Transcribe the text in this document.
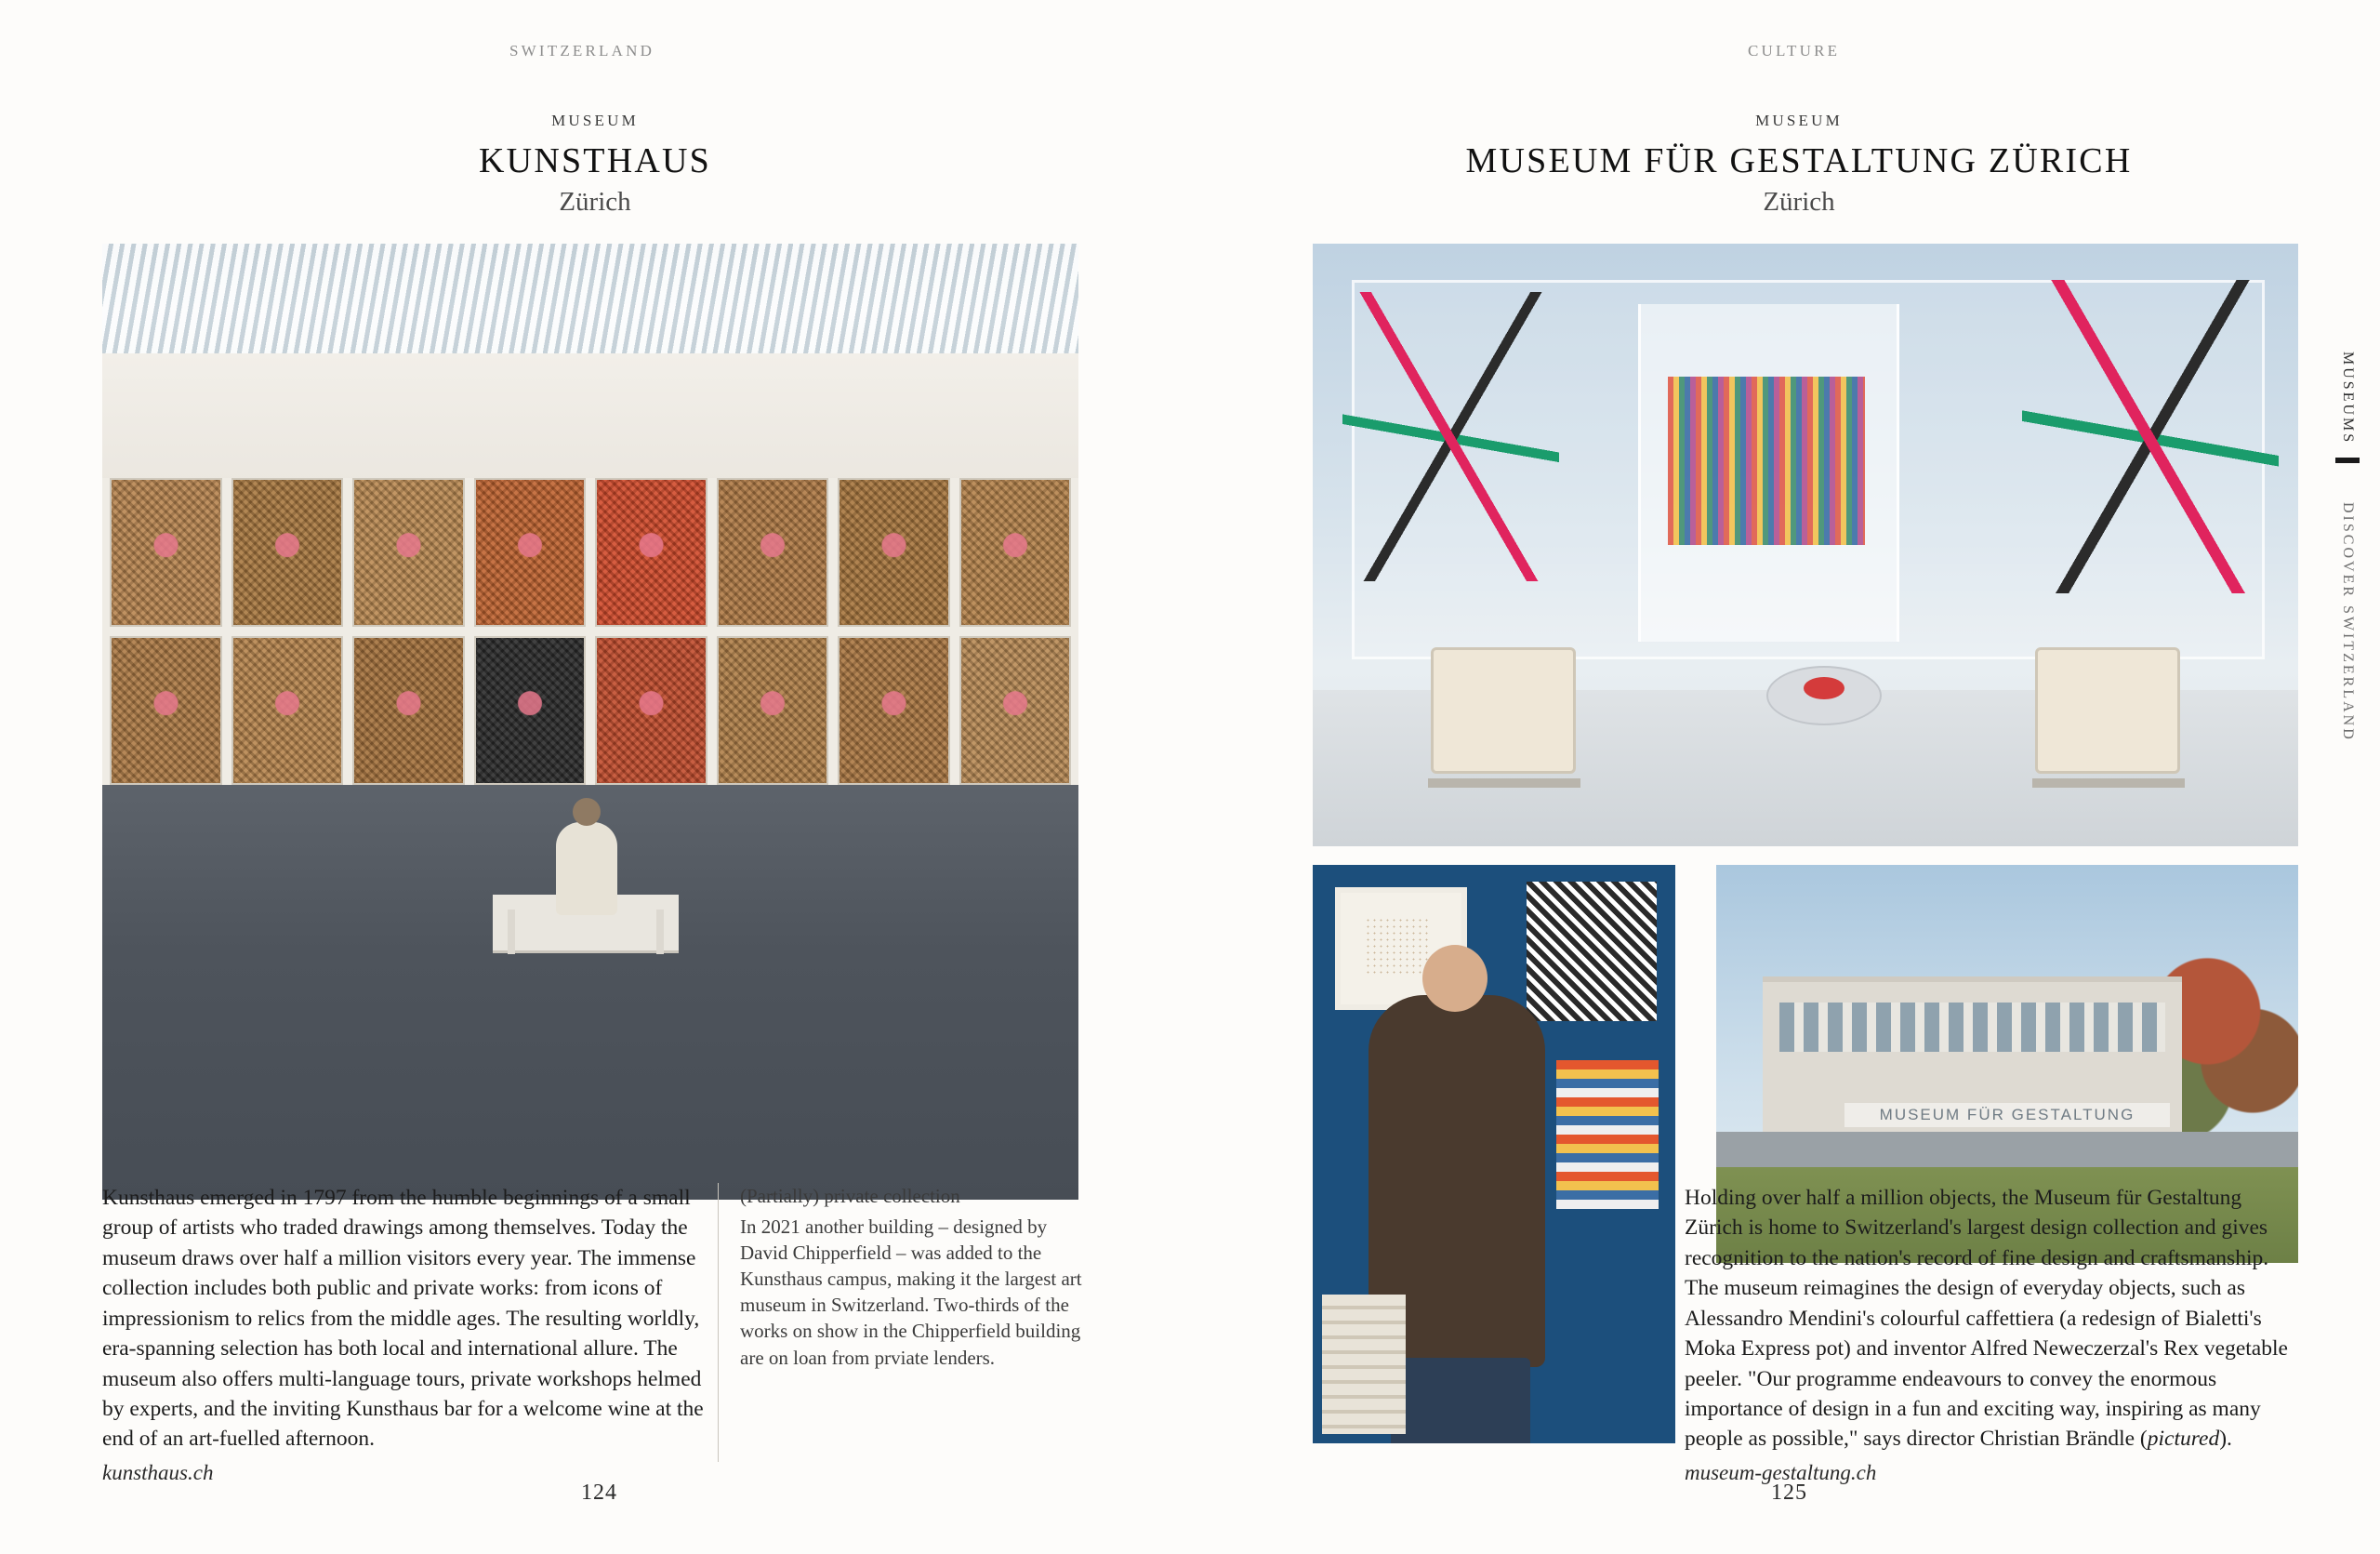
SWITZERLAND
MUSEUM
KUNSTHAUS
Zürich
Kunsthaus emerged in 1797 from the humble beginnings of a small group of artists who traded drawings among themselves. Today the museum draws over half a million visitors every year. The immense collection includes both public and private works: from icons of impressionism to relics from the middle ages. The resulting worldly, era-spanning selection has both local and international allure. The museum also offers multi-language tours, private workshops helmed by experts, and the inviting Kunsthaus bar for a welcome wine at the end of an art-fuelled afternoon.
kunsthaus.ch
(Partially) private collection
In 2021 another building – designed by David Chipperfield – was added to the Kunsthaus campus, making it the largest art museum in Switzerland. Two-thirds of the works on show in the Chipperfield building are on loan from prviate lenders.
124
CULTURE
MUSEUM
MUSEUM FÜR GESTALTUNG ZÜRICH
Zürich
MUSEUM FÜR GESTALTUNG
Holding over half a million objects, the Museum für Gestaltung Zürich is home to Switzerland's largest design collection and gives recognition to the nation's record of fine design and craftsmanship. The museum reimagines the design of everyday objects, such as Alessandro Mendini's colourful caffettiera (a redesign of Bialetti's Moka Express pot) and inventor Alfred Neweczerzal's Rex vegetable peeler. "Our programme endeavours to convey the enormous importance of design in a fun and exciting way, inspiring as many people as possible," says director Christian Brändle (pictured).
museum-gestaltung.ch
125
MUSEUMS
DISCOVER SWITZERLAND
